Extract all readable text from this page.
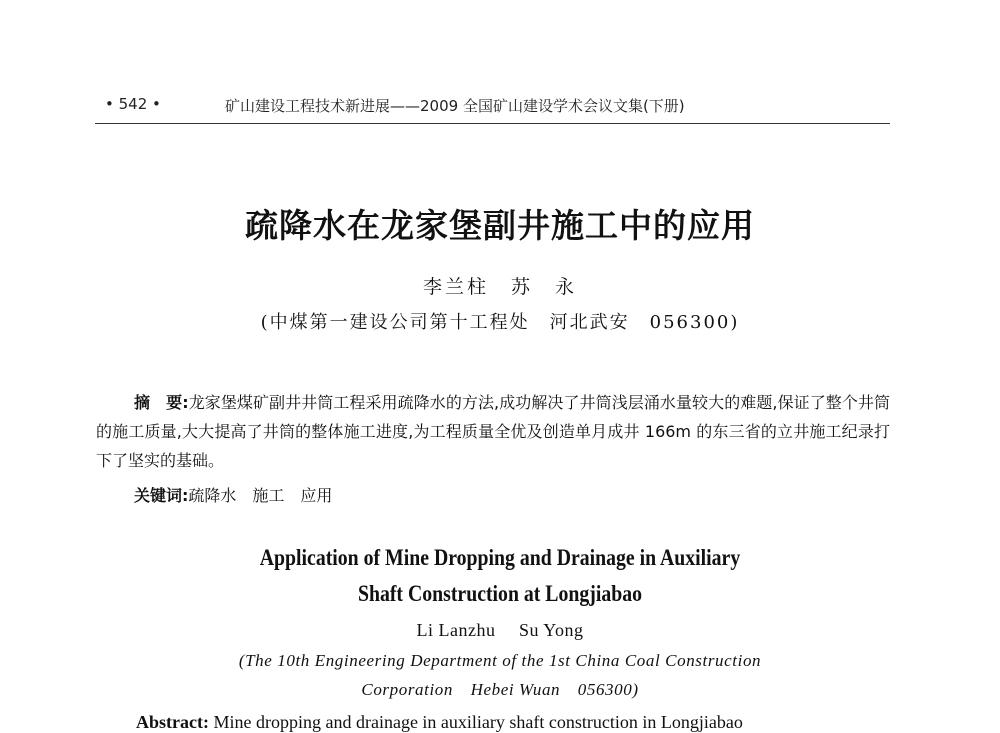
• 542 •	矿山建设工程技术新进展——2009 全国矿山建设学术会议文集(下册)
疏降水在龙家堡副井施工中的应用
李兰柱　苏　永
(中煤第一建设公司第十工程处　河北武安　056300)
摘　要:龙家堡煤矿副井井筒工程采用疏降水的方法,成功解决了井筒浅层涌水量较大的难题,保证了整个井筒的施工质量,大大提高了井筒的整体施工进度,为工程质量全优及创造单月成井 166m 的东三省的立井施工纪录打下了坚实的基础。
关键词:疏降水　施工　应用
Application of Mine Dropping and Drainage in Auxiliary
Shaft Construction at Longjiabao
Li Lanzhu　 Su Yong
(The 10th Engineering Department of the 1st China Coal Construction
Corporation　Hebei Wuan　056300)
Abstract: Mine dropping and drainage in auxiliary shaft construction in Longjiabao
